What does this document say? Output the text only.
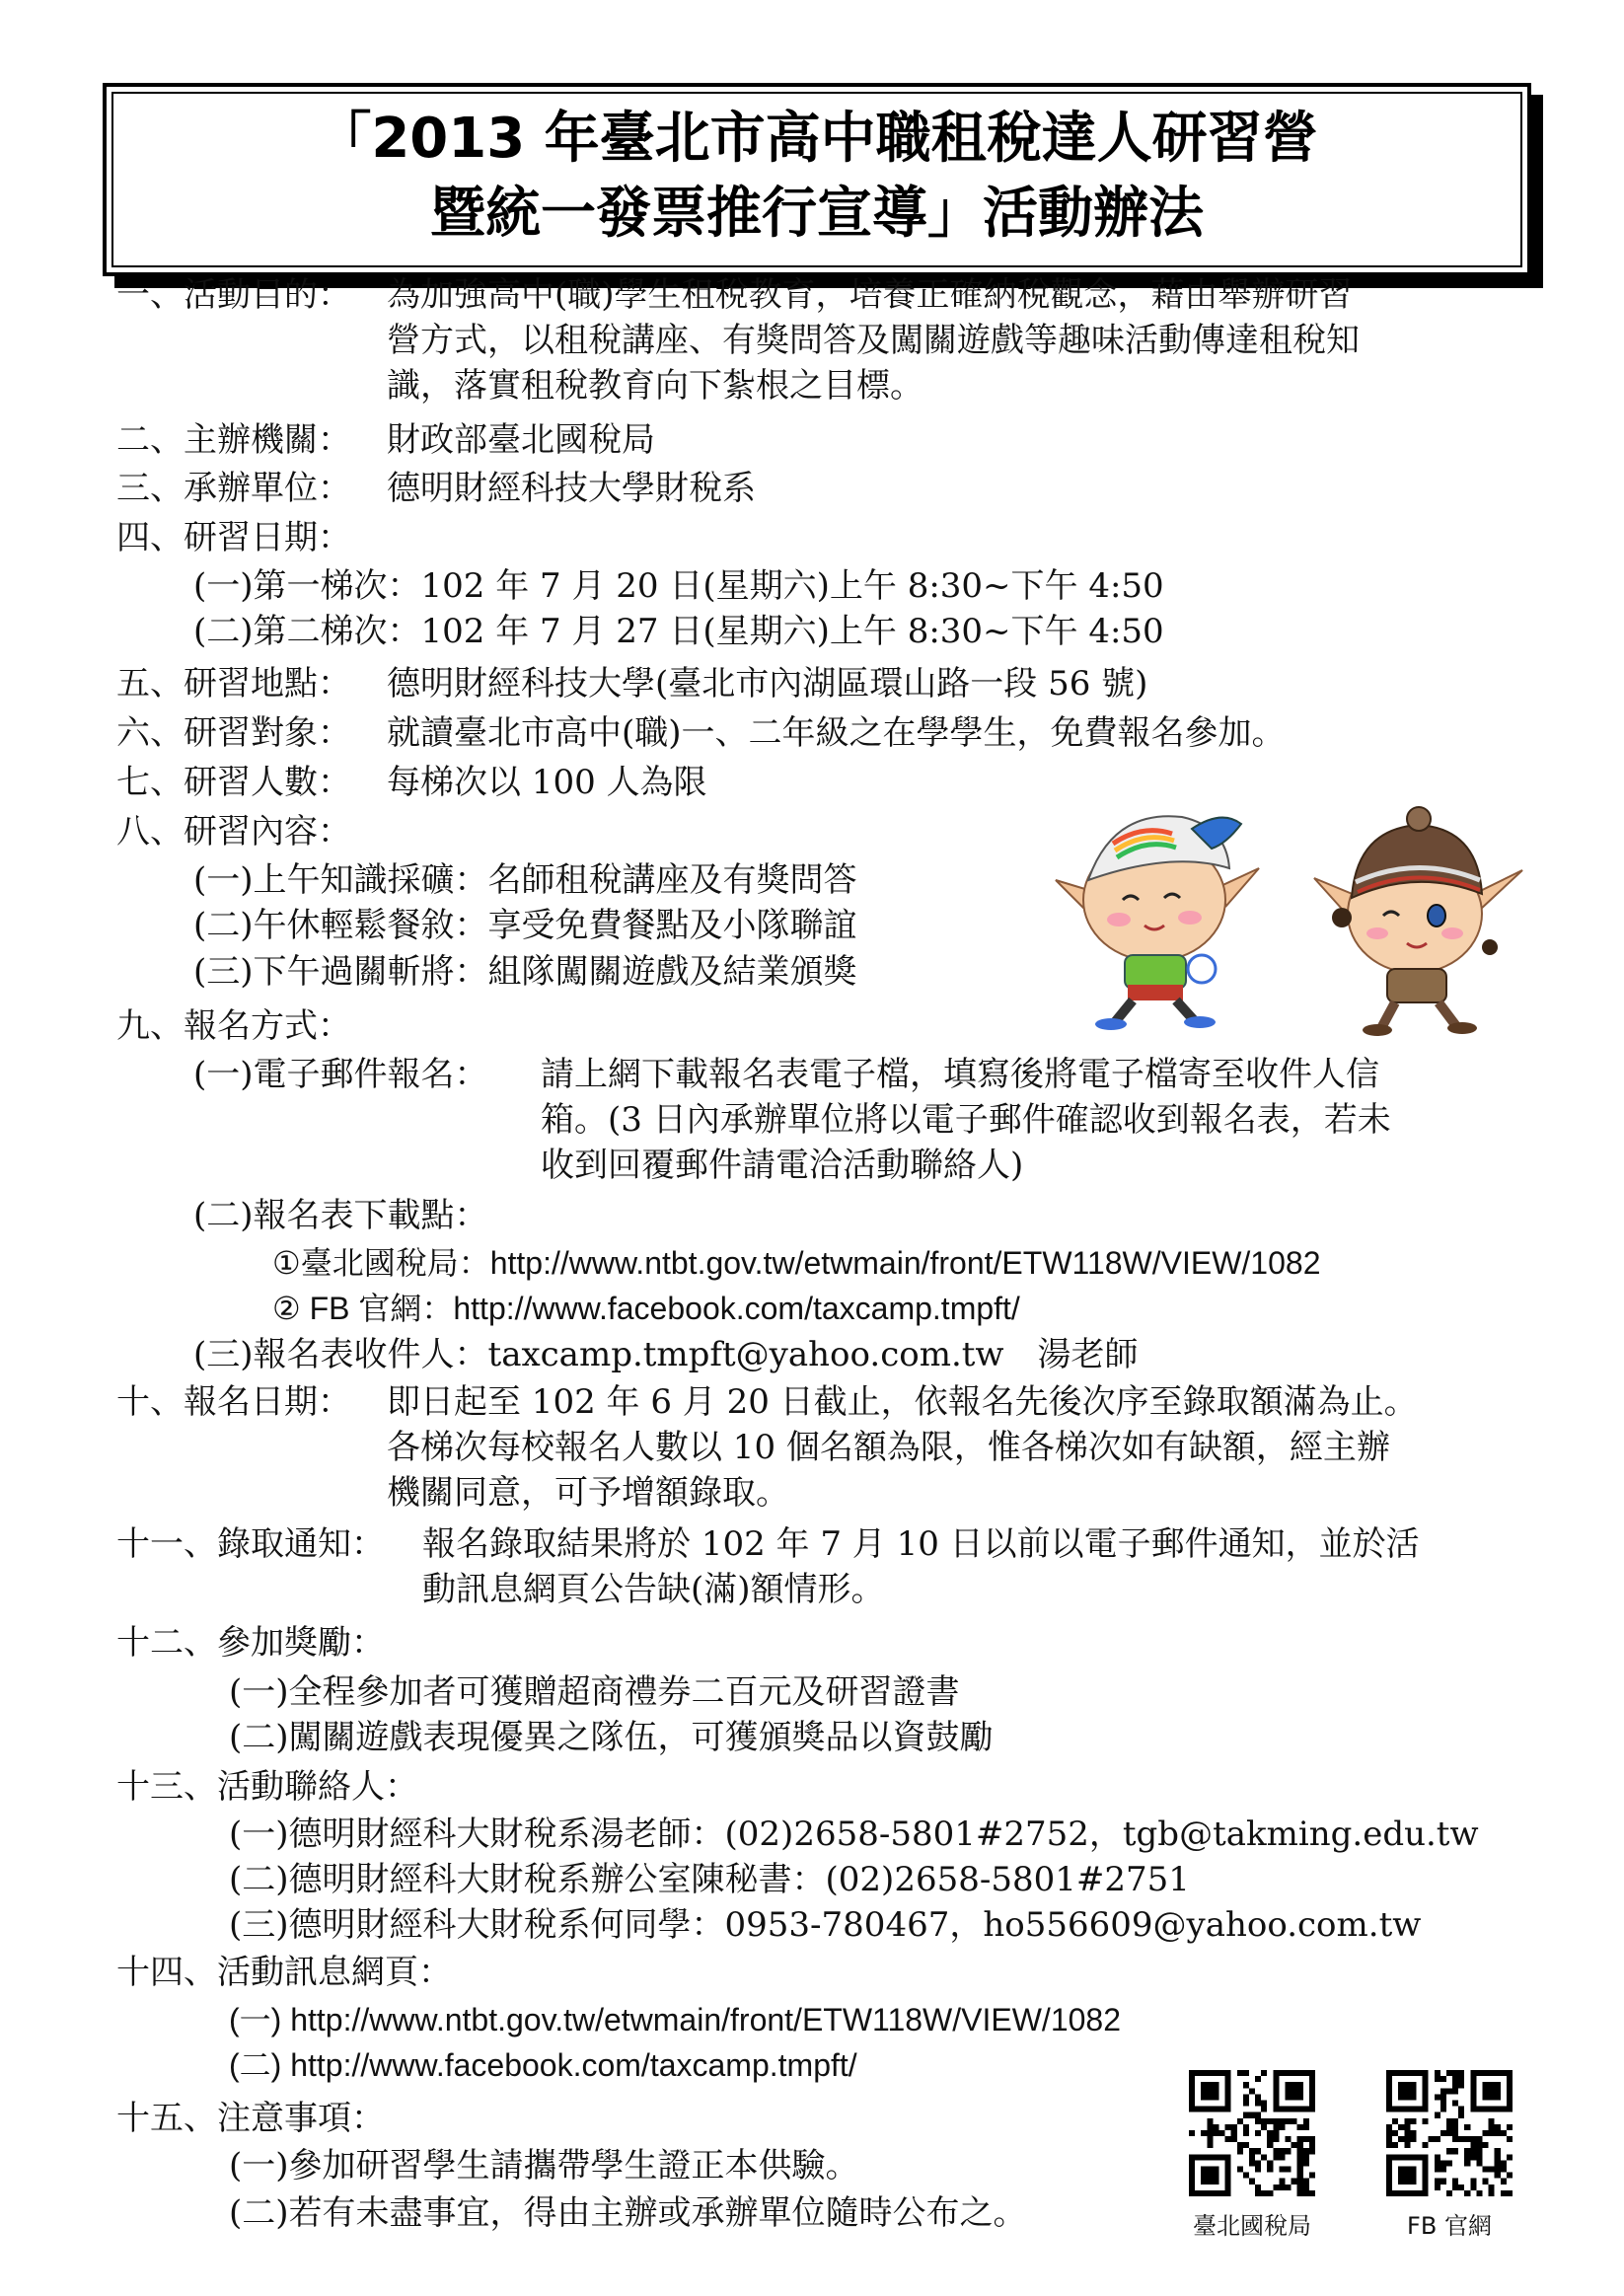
「2013 年臺北市高中職租稅達人研習營
暨統一發票推行宣導」活動辦法
一、活動目的： 為加強高中(職)學生租稅教育，培養正確納稅觀念，藉由舉辦研習
營方式，以租稅講座、有獎問答及闖關遊戲等趣味活動傳達租稅知
識，落實租稅教育向下紮根之目標。
二、主辦機關： 財政部臺北國稅局
三、承辦單位： 德明財經科技大學財稅系
四、研習日期：
(一)第一梯次：102 年 7 月 20 日(星期六)上午 8:30~下午 4:50
(二)第二梯次：102 年 7 月 27 日(星期六)上午 8:30~下午 4:50
五、研習地點： 德明財經科技大學(臺北市內湖區環山路一段 56 號)
六、研習對象： 就讀臺北市高中(職)一、二年級之在學學生，免費報名參加。
七、研習人數： 每梯次以 100 人為限
八、研習內容：
(一)上午知識採礦：名師租稅講座及有獎問答
(二)午休輕鬆餐敘：享受免費餐點及小隊聯誼
(三)下午過關斬將：組隊闖關遊戲及結業頒獎
九、報名方式：
(一)電子郵件報名： 請上網下載報名表電子檔，填寫後將電子檔寄至收件人信
箱。(3 日內承辦單位將以電子郵件確認收到報名表，若未
收到回覆郵件請電洽活動聯絡人)
(二)報名表下載點：
①臺北國稅局：http://www.ntbt.gov.tw/etwmain/front/ETW118W/VIEW/1082
② FB 官網：http://www.facebook.com/taxcamp.tmpft/
(三)報名表收件人：taxcamp.tmpft@yahoo.com.tw　湯老師
十、報名日期： 即日起至 102 年 6 月 20 日截止，依報名先後次序至錄取額滿為止。
各梯次每校報名人數以 10 個名額為限，惟各梯次如有缺額，經主辦
機關同意，可予增額錄取。
十一、錄取通知： 報名錄取結果將於 102 年 7 月 10 日以前以電子郵件通知，並於活
動訊息網頁公告缺(滿)額情形。
十二、參加獎勵：
(一)全程參加者可獲贈超商禮券二百元及研習證書
(二)闖關遊戲表現優異之隊伍，可獲頒獎品以資鼓勵
十三、活動聯絡人：
(一)德明財經科大財稅系湯老師：(02)2658-5801#2752，tgb@takming.edu.tw
(二)德明財經科大財稅系辦公室陳秘書：(02)2658-5801#2751
(三)德明財經科大財稅系何同學：0953-780467，ho556609@yahoo.com.tw
十四、活動訊息網頁：
(一) http://www.ntbt.gov.tw/etwmain/front/ETW118W/VIEW/1082
(二) http://www.facebook.com/taxcamp.tmpft/
十五、注意事項：
(一)參加研習學生請攜帶學生證正本供驗。
(二)若有未盡事宜，得由主辦或承辦單位隨時公布之。	臺北國稅局	FB 官網
